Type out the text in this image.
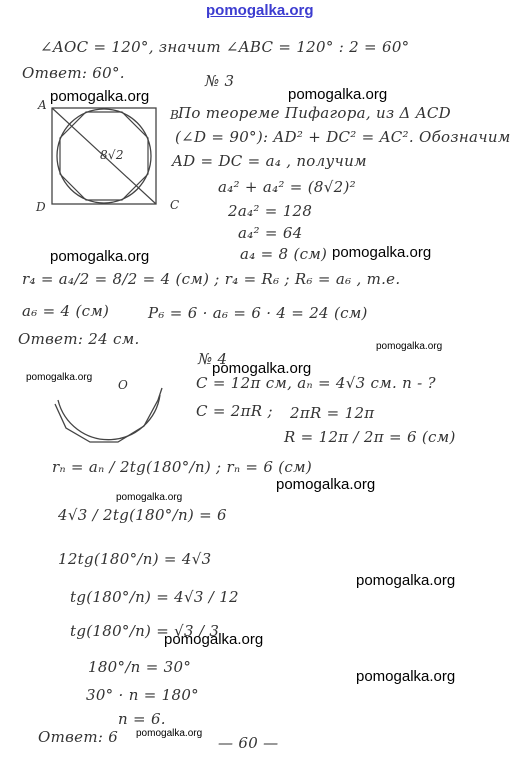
pomogalka.org
∠AOC = 120°, значит ∠ABC = 120° : 2 = 60°
Ответ: 60°.	№ 3
A
B
C
D
8√2
По теореме Пифагора, из Δ ACD
(∠D = 90°): AD² + DC² = AC². Обозначим
AD = DC = a₄ , получим
a₄² + a₄² = (8√2)²
2a₄² = 128
a₄² = 64
a₄ = 8 (см)
r₄ = a₄/2 = 8/2 = 4 (см) ; r₄ = R₆ ; R₆ = a₆ , т.е.
a₆ = 4 (см)	P₆ = 6 · a₆ = 6 · 4 = 24 (см)
Ответ: 24 см.
№ 4
O	C = 12π см, aₙ = 4√3 см. n - ?
C = 2πR ; 2πR = 12π
R = 12π / 2π = 6 (см)
rₙ = aₙ / 2tg(180°/n) ; rₙ = 6 (см)
4√3 / 2tg(180°/n) = 6
12tg(180°/n) = 4√3
tg(180°/n) = 4√3 / 12
tg(180°/n) = √3 / 3
180°/n = 30°
30° · n = 180°
n = 6.
Ответ: 6	— 60 —
pomogalka.org
pomogalka.org
pomogalka.org	pomogalka.org
pomogalka.org
pomogalka.org
pomogalka.org
pomogalka.org
pomogalka.org
pomogalka.org
pomogalka.org
pomogalka.org
pomogalka.org
